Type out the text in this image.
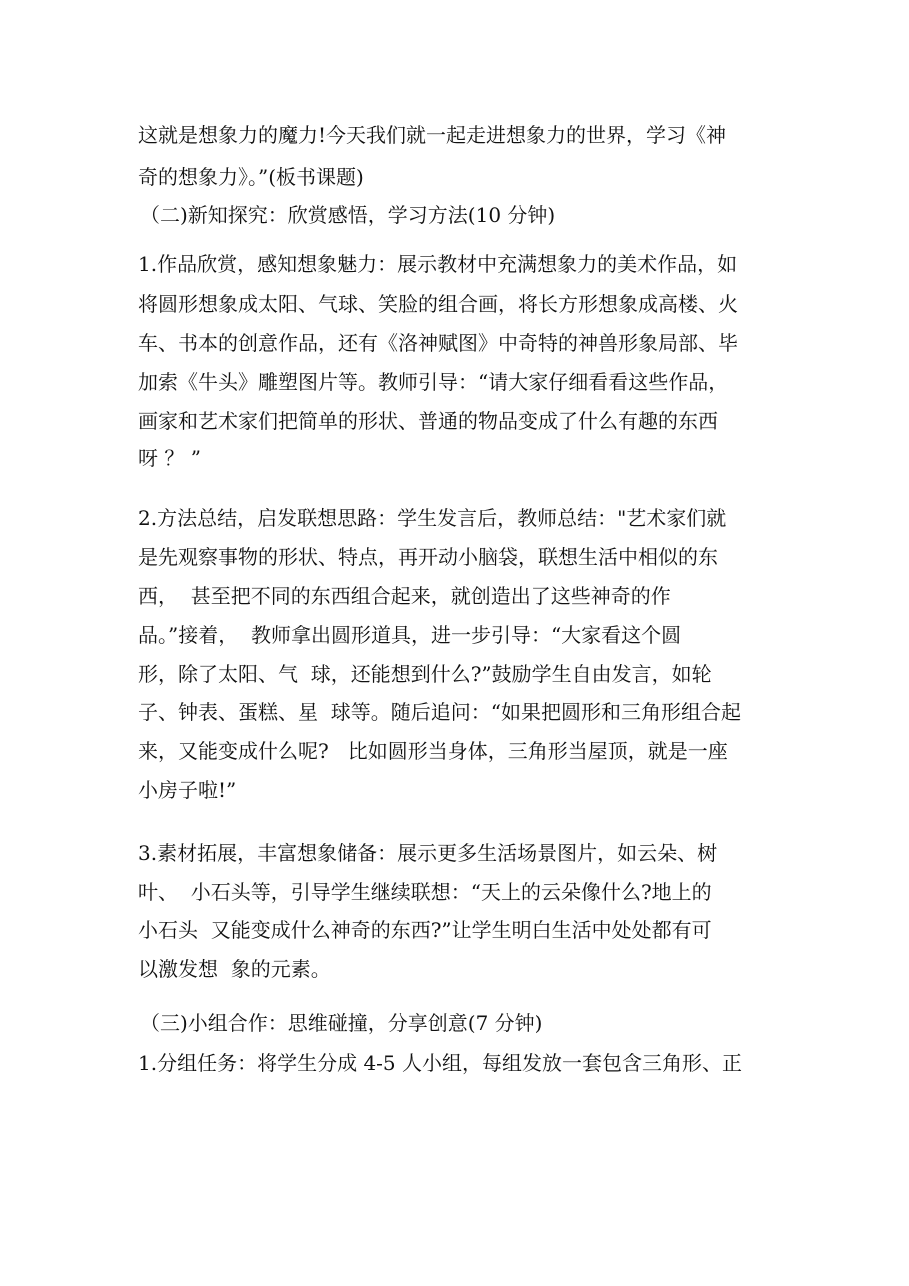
这就是想象力的魔力!今天我们就一起走进想象力的世界，学习《神
奇的想象力》。”(板书课题)
（二)新知探究：欣赏感悟，学习方法(10 分钟)
1.作品欣赏，感知想象魅力：展示教材中充满想象力的美术作品，如
将圆形想象成太阳、气球、笑脸的组合画，将长方形想象成高楼、火
车、书本的创意作品，还有《洛神赋图》中奇特的神兽形象局部、毕
加索《牛头》雕塑图片等。教师引导：“请大家仔细看看这些作品，
画家和艺术家们把简单的形状、普通的物品变成了什么有趣的东西
呀 ？ ”
2.方法总结，启发联想思路：学生发言后，教师总结："艺术家们就
是先观察事物的形状、特点，再开动小脑袋，联想生活中相似的东
西，  甚至把不同的东西组合起来，就创造出了这些神奇的作
品。”接着，  教师拿出圆形道具，进一步引导：“大家看这个圆
形，除了太阳、气  球，还能想到什么?”鼓励学生自由发言，如轮
子、钟表、蛋糕、星  球等。随后追问：“如果把圆形和三角形组合起
来，又能变成什么呢?   比如圆形当身体，三角形当屋顶，就是一座
小房子啦!”
3.素材拓展，丰富想象储备：展示更多生活场景图片，如云朵、树
叶、  小石头等，引导学生继续联想：“天上的云朵像什么?地上的
小石头  又能变成什么神奇的东西?”让学生明白生活中处处都有可
以激发想  象的元素。
（三)小组合作：思维碰撞，分享创意(7 分钟)
1.分组任务：将学生分成 4-5 人小组，每组发放一套包含三角形、正
